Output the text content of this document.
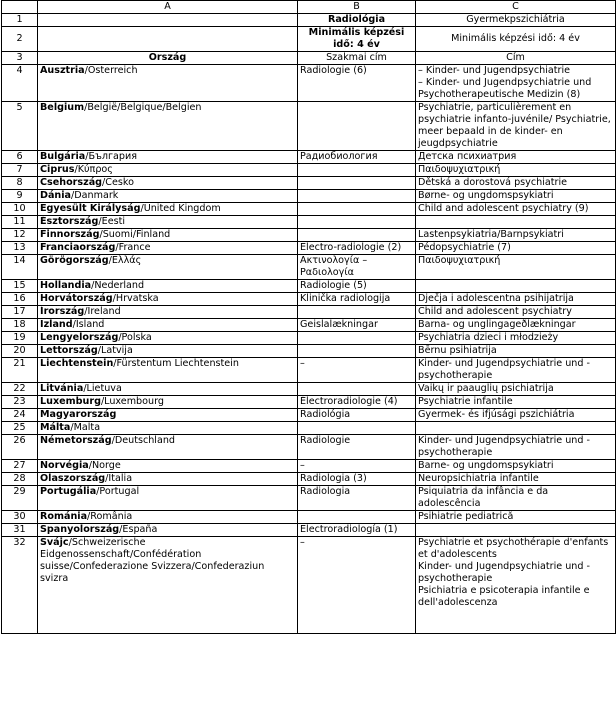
	A	B	C
1		Radiológia	Gyermekpszichiátria
2		Minimális képzési idő: 4 év	Minimális képzési idő: 4 év
3	Ország	Szakmai cím	Cím
4	Ausztria/Österreich	Radiologie (6)	– Kinder- und Jugendpsychiatrie
– Kinder- und Jugendpsychiatrie und Psychotherapeutische Medizin (8)
5	Belgium/België/Belgique/Belgien		Psychiatrie, particulièrement en psychiatrie infanto-juvénile/ Psychiatrie, meer bepaald in de kinder- en jeugdpsychiatrie
6	Bulgária/България	Радиобиология	Детска психиатрия
7	Ciprus/Κύπρος		Παιδοψυχιατρική
8	Csehország/Česko		Dětská a dorostová psychiatrie
9	Dánia/Danmark		Børne- og ungdomspsykiatri
10	Egyesült Királyság/United Kingdom		Child and adolescent psychiatry (9)
11	Észtország/Eesti		
12	Finnország/Suomi/Finland		Lastenpsykiatria/Barnpsykiatri
13	Franciaország/France	Electro-radiologie (2)	Pédopsychiatrie (7)
14	Görögország/Ελλάς	Ακτινολογία – Ραδιολογία	Παιδοψυχιατρική
15	Hollandia/Nederland	Radiologie (5)	
16	Horvátország/Hrvatska	Klinička radiologija	Dječja i adolescentna psihijatrija
17	Írország/Ireland		Child and adolescent psychiatry
18	Izland/Ísland	Geislalækningar	Barna- og unglingageðlækningar
19	Lengyelország/Polska		Psychiatria dzieci i młodzieży
20	Lettország/Latvija		Bērnu psihiatrija
21	Liechtenstein/Fürstentum Liechtenstein	–	Kinder- und Jugendpsychiatrie und -psychotherapie
22	Litvánia/Lietuva		Vaikų ir paauglių psichiatrija
23	Luxemburg/Luxembourg	Électroradiologie (4)	Psychiatrie infantile
24	Magyarország	Radiológia	Gyermek- és ifjúsági pszichiátria
25	Málta/Malta		
26	Németország/Deutschland	Radiologie	Kinder- und Jugendpsychiatrie und -psychotherapie
27	Norvégia/Norge	–	Barne- og ungdomspsykiatri
28	Olaszország/Italia	Radiologia (3)	Neuropsichiatria infantile
29	Portugália/Portugal	Radiologia	Psiquiatria da infância e da adolescência
30	Románia/România		Psihiatrie pediatrică
31	Spanyolország/España	Electroradiología (1)	
32	Svájc/Schweizerische Eidgenossenschaft/Confédération suisse/Confederazione Svizzera/Confederaziun svizra	–	Psychiatrie et psychothérapie d'enfants et d'adolescents
Kinder- und Jugendpsychiatrie und -psychotherapie
Psichiatria e psicoterapia infantile e dell'adolescenza
